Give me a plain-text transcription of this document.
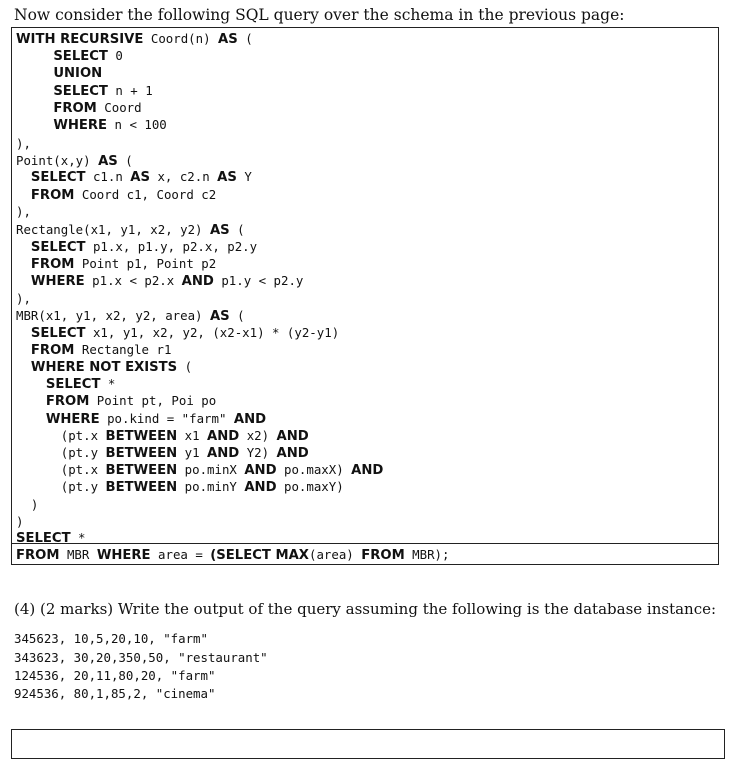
Now consider the following SQL query over the schema in the previous page:
WITH RECURSIVE Coord(n) AS (
SELECT 0
UNION
SELECT n + 1
FROM Coord
WHERE n < 100
),
Point(x,y) AS (
SELECT c1.n AS x, c2.n AS Y
FROM Coord c1, Coord c2
),
Rectangle(x1, y1, x2, y2) AS (
SELECT p1.x, p1.y, p2.x, p2.y
FROM Point p1, Point p2
WHERE p1.x < p2.x AND p1.y < p2.y
),
MBR(x1, y1, x2, y2, area) AS (
SELECT x1, y1, x2, y2, (x2-x1) * (y2-y1)
FROM Rectangle r1
WHERE NOT EXISTS (
SELECT *
FROM Point pt, Poi po
WHERE po.kind = "farm" AND
(pt.x BETWEEN x1 AND x2) AND
(pt.y BETWEEN y1 AND Y2) AND
(pt.x BETWEEN po.minX AND po.maxX) AND
(pt.y BETWEEN po.minY AND po.maxY)
)
)
SELECT *
FROM MBR WHERE area = (SELECT MAX(area) FROM MBR);
(4) (2 marks) Write the output of the query assuming the following is the database instance:
345623, 10,5,20,10, "farm"
343623, 30,20,350,50, "restaurant"
124536, 20,11,80,20, "farm"
924536, 80,1,85,2, "cinema"
